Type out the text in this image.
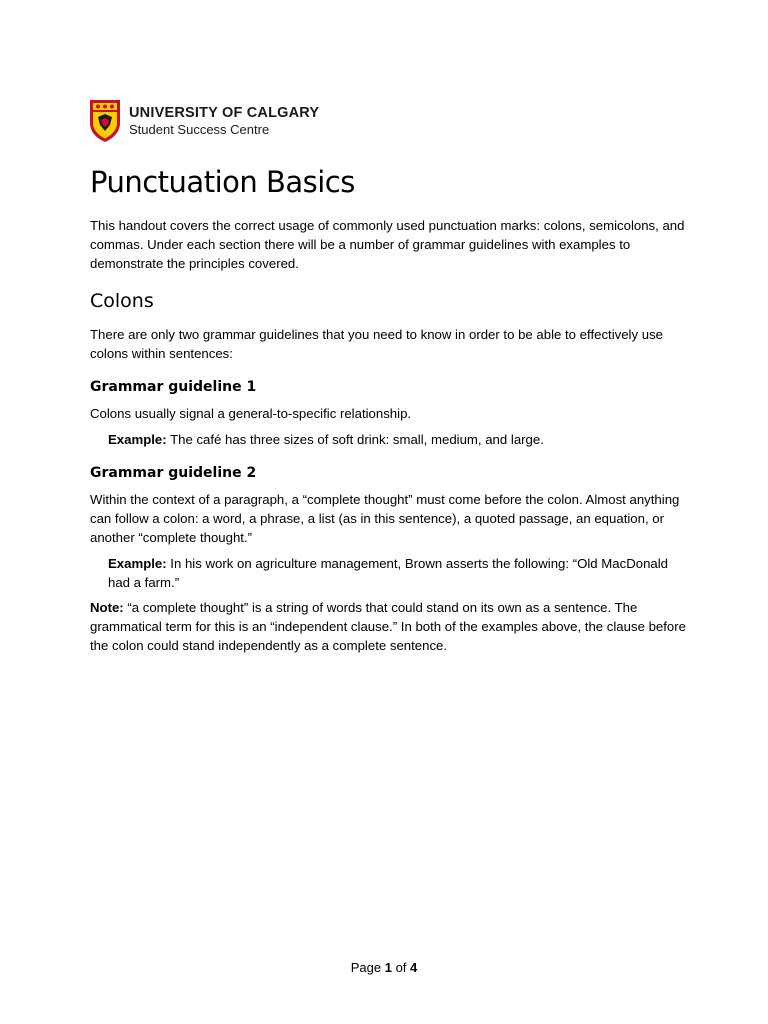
UNIVERSITY OF CALGARY
Student Success Centre
Punctuation Basics

This handout covers the correct usage of commonly used punctuation marks: colons, semicolons, and commas. Under each section there will be a number of grammar guidelines with examples to demonstrate the principles covered.

Colons

There are only two grammar guidelines that you need to know in order to be able to effectively use colons within sentences:

Grammar guideline 1

Colons usually signal a general-to-specific relationship.

Example: The café has three sizes of soft drink: small, medium, and large.

Grammar guideline 2

Within the context of a paragraph, a “complete thought” must come before the colon. Almost anything can follow a colon: a word, a phrase, a list (as in this sentence), a quoted passage, an equation, or another “complete thought.”

Example: In his work on agriculture management, Brown asserts the following: “Old MacDonald had a farm.”

Note: “a complete thought” is a string of words that could stand on its own as a sentence. The grammatical term for this is an “independent clause.” In both of the examples above, the clause before the colon could stand independently as a complete sentence.

Page 1 of 4
